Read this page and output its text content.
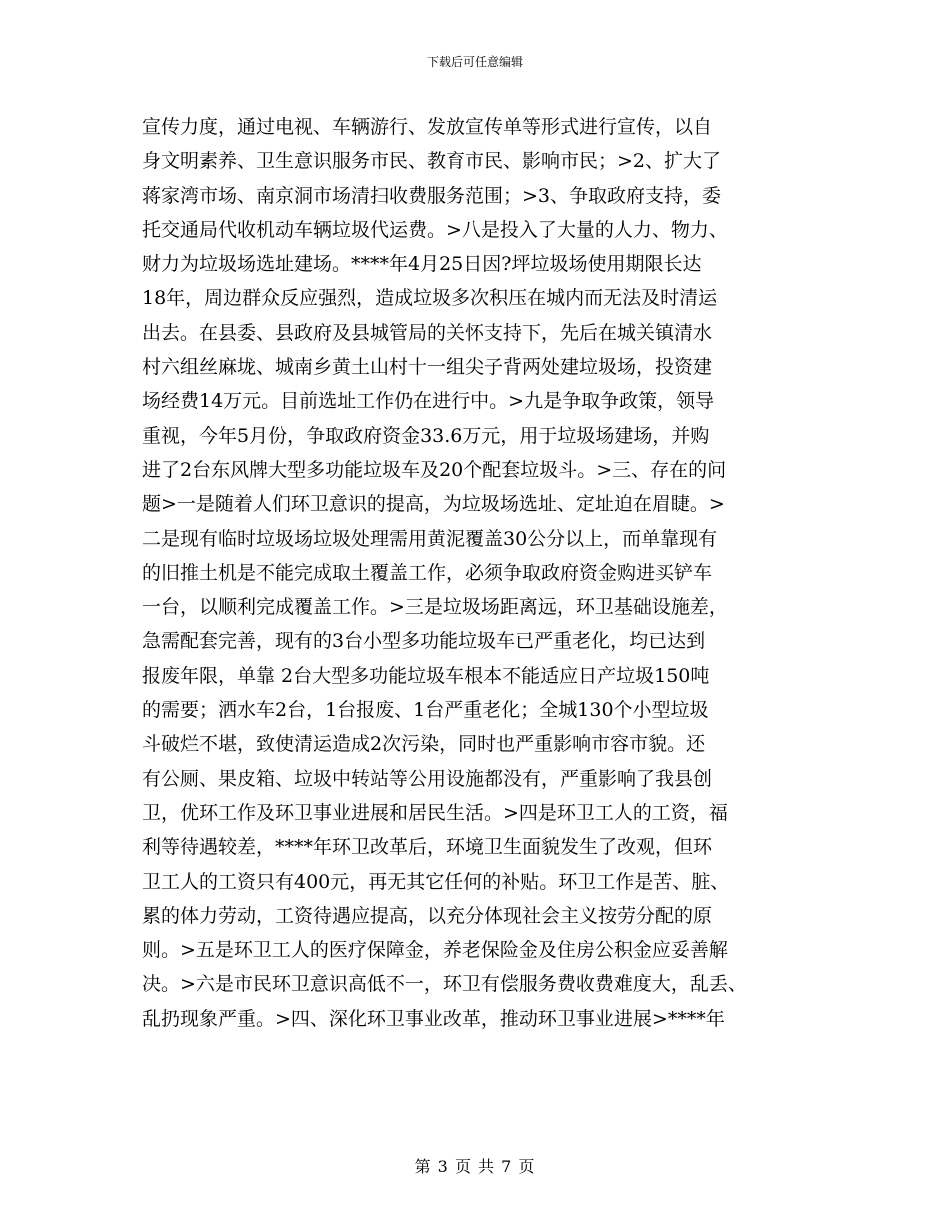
下载后可任意编辑
宣传力度，通过电视、车辆游行、发放宣传单等形式进行宣传，以自
身文明素养、卫生意识服务市民、教育市民、影响市民；>2、扩大了
蒋家湾市场、南京洞市场清扫收费服务范围；>3、争取政府支持，委
托交通局代收机动车辆垃圾代运费。>八是投入了大量的人力、物力、
财力为垃圾场选址建场。****年4月25日因?坪垃圾场使用期限长达
18年，周边群众反应强烈，造成垃圾多次积压在城内而无法及时清运
出去。在县委、县政府及县城管局的关怀支持下，先后在城关镇清水
村六组丝麻垅、城南乡黄土山村十一组尖子背两处建垃圾场，投资建
场经费14万元。目前选址工作仍在进行中。>九是争取争政策，领导
重视，今年5月份，争取政府资金33.6万元，用于垃圾场建场，并购
进了2台东风牌大型多功能垃圾车及20个配套垃圾斗。>三、存在的问
题>一是随着人们环卫意识的提高，为垃圾场选址、定址迫在眉睫。>
二是现有临时垃圾场垃圾处理需用黄泥覆盖30公分以上，而单靠现有
的旧推土机是不能完成取土覆盖工作，必须争取政府资金购进买铲车
一台，以顺利完成覆盖工作。>三是垃圾场距离远，环卫基础设施差，
急需配套完善，现有的3台小型多功能垃圾车已严重老化，均已达到
报废年限，单靠 2台大型多功能垃圾车根本不能适应日产垃圾150吨
的需要；洒水车2台，1台报废、1台严重老化；全城130个小型垃圾
斗破烂不堪，致使清运造成2次污染，同时也严重影响市容市貌。还
有公厕、果皮箱、垃圾中转站等公用设施都没有，严重影响了我县创
卫，优环工作及环卫事业进展和居民生活。>四是环卫工人的工资，福
利等待遇较差，****年环卫改革后，环境卫生面貌发生了改观，但环
卫工人的工资只有400元，再无其它任何的补贴。环卫工作是苦、脏、
累的体力劳动，工资待遇应提高，以充分体现社会主义按劳分配的原
则。>五是环卫工人的医疗保障金，养老保险金及住房公积金应妥善解
决。>六是市民环卫意识高低不一，环卫有偿服务费收费难度大，乱丢、
乱扔现象严重。>四、深化环卫事业改革，推动环卫事业进展>****年
第 3 页 共 7 页
